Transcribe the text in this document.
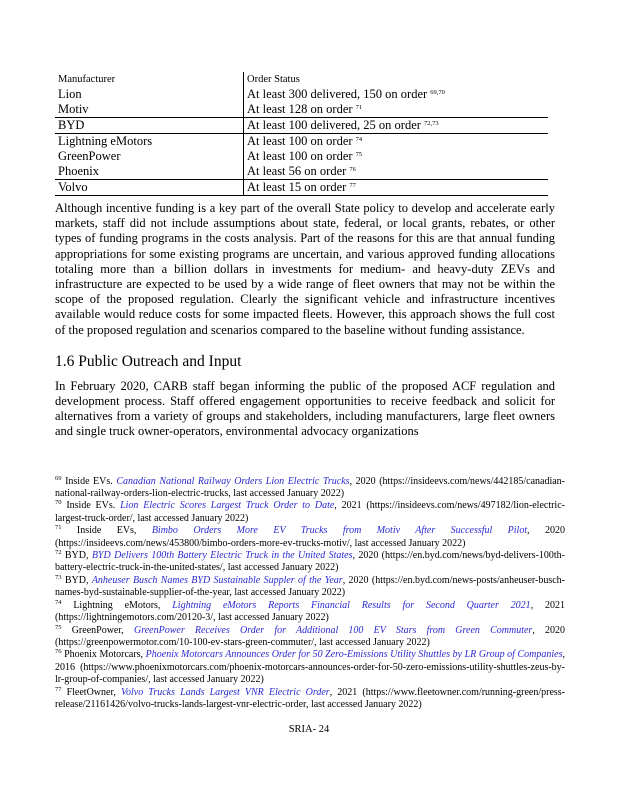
Manufacturer	Order Status
Lion	At least 300 delivered, 150 on order $^{69,70}$
Motiv	At least 128 on order $^{71}$
BYD	At least 100 delivered, 25 on order $^{72,73}$
Lightning eMotors	At least 100 on order $^{74}$
GreenPower	At least 100 on order $^{75}$
Phoenix	At least 56 on order $^{76}$
Volvo	At least 15 on order $^{77}$

Although incentive funding is a key part of the overall State policy to develop and accelerate early markets, staff did not include assumptions about state, federal, or local grants, rebates, or other types of funding programs in the costs analysis. Part of the reasons for this are that annual funding appropriations for some existing programs are uncertain, and various approved funding allocations totaling more than a billion dollars in investments for medium- and heavy-duty ZEVs and infrastructure are expected to be used by a wide range of fleet owners that may not be within the scope of the proposed regulation. Clearly the significant vehicle and infrastructure incentives available would reduce costs for some impacted fleets. However, this approach shows the full cost of the proposed regulation and scenarios compared to the baseline without funding assistance.

1.6 Public Outreach and Input

In February 2020, CARB staff began informing the public of the proposed ACF regulation and development process. Staff offered engagement opportunities to receive feedback and solicit for alternatives from a variety of groups and stakeholders, including manufacturers, large fleet owners and single truck owner-operators, environmental advocacy organizations

$^{69}$ Inside EVs. Canadian National Railway Orders Lion Electric Trucks, 2020 (https://insideevs.com/news/442185/canadian-national-railway-orders-lion-electric-trucks, last accessed January 2022)

$^{70}$ Inside EVs. Lion Electric Scores Largest Truck Order to Date, 2021 (https://insideevs.com/news/497182/lion-electric-largest-truck-order/, last accessed January 2022)

$^{71}$ Inside EVs, Bimbo Orders More EV Trucks from Motiv After Successful Pilot, 2020 (https://insideevs.com/news/453800/bimbo-orders-more-ev-trucks-motiv/, last accessed January 2022)

$^{72}$ BYD, BYD Delivers 100th Battery Electric Truck in the United States, 2020 (https://en.byd.com/news/byd-delivers-100th-battery-electric-truck-in-the-united-states/, last accessed January 2022)

$^{73}$ BYD, Anheuser Busch Names BYD Sustainable Suppler of the Year, 2020 (https://en.byd.com/news-posts/anheuser-busch-names-byd-sustainable-supplier-of-the-year, last accessed January 2022)

$^{74}$ Lightning eMotors, Lightning eMotors Reports Financial Results for Second Quarter 2021, 2021 (https://lightningemotors.com/20120-3/, last accessed January 2022)

$^{75}$ GreenPower, GreenPower Receives Order for Additional 100 EV Stars from Green Commuter, 2020 (https://greenpowermotor.com/10-100-ev-stars-green-commuter/, last accessed January 2022)

$^{76}$ Phoenix Motorcars, Phoenix Motorcars Announces Order for 50 Zero-Emissions Utility Shuttles by LR Group of Companies, 2016 (https://www.phoenixmotorcars.com/phoenix-motorcars-announces-order-for-50-zero-emissions-utility-shuttles-zeus-by-lr-group-of-companies/, last accessed January 2022)

$^{77}$ FleetOwner, Volvo Trucks Lands Largest VNR Electric Order, 2021 (https://www.fleetowner.com/running-green/press-release/21161426/volvo-trucks-lands-largest-vnr-electric-order, last accessed January 2022)

SRIA- 24
